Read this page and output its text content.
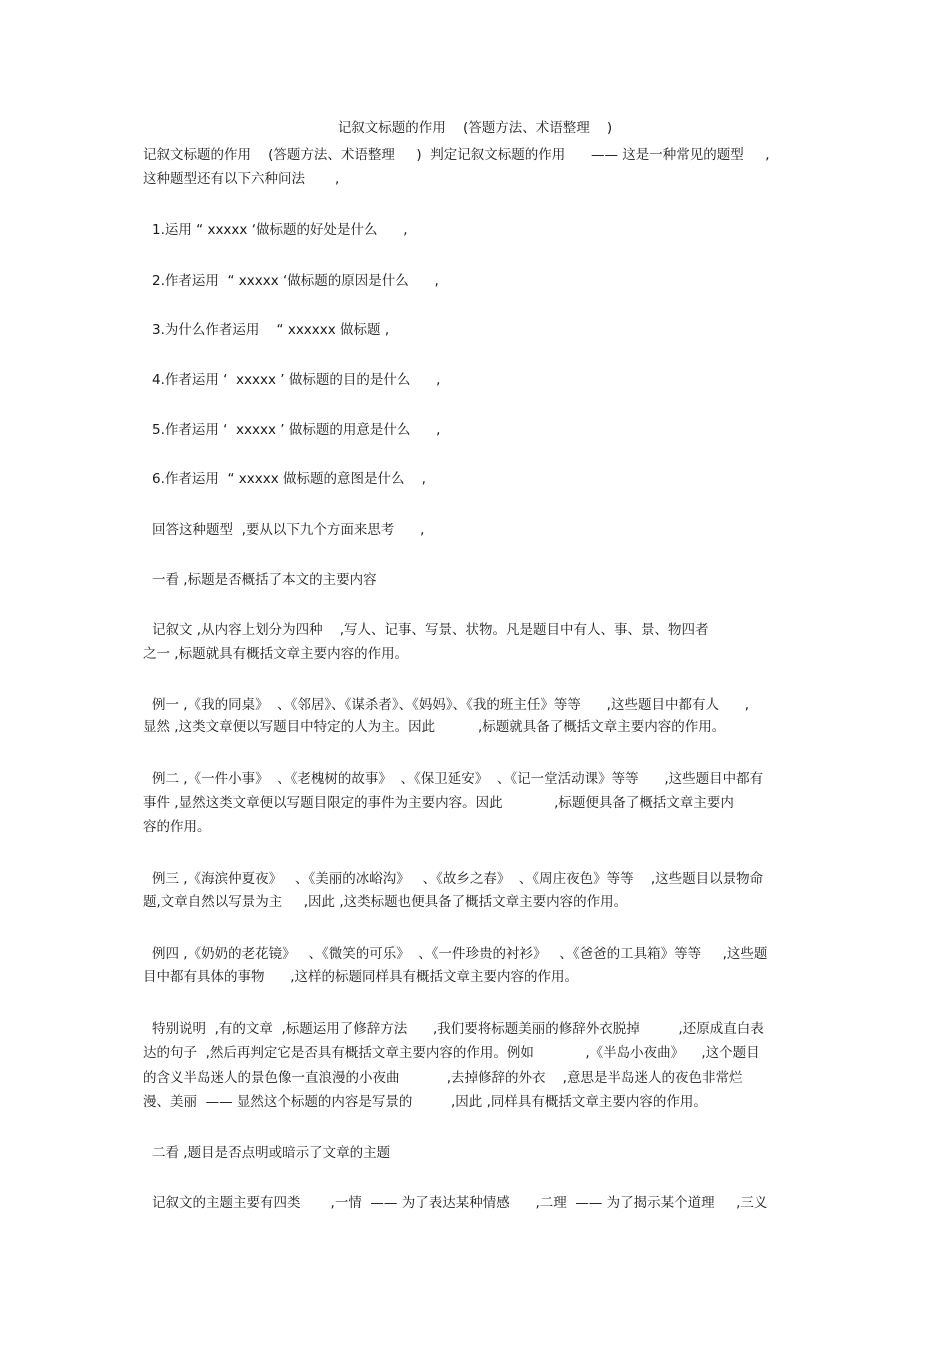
记叙文标题的作用    (答题方法、术语整理    )

记叙文标题的作用    (答题方法、术语整理     )  判定记叙文标题的作用      —— 这是一种常见的题型     ,

这种题型还有以下六种问法       ,

1.运用 “ xxxxx ‘做标题的好处是什么      ,

2.作者运用  “ xxxxx ‘做标题的原因是什么      ,

3.为什么作者运用    “ xxxxxx 做标题 ,

4.作者运用 ‘  xxxxx ’ 做标题的目的是什么      ,

5.作者运用 ‘  xxxxx ’ 做标题的用意是什么      ,

6.作者运用  “ xxxxx 做标题的意图是什么    ,

回答这种题型  ,要从以下九个方面来思考      ,

一看 ,标题是否概括了本文的主要内容

记叙文 ,从内容上划分为四种    ,写人、记事、写景、状物。凡是题目中有人、事、景、物四者

之一 ,标题就具有概括文章主要内容的作用。

例一 ,《我的同桌》  、《邻居》、《谋杀者》、《妈妈》、《我的班主任》等等      ,这些题目中都有人      ,

显然 ,这类文章便以写题目中特定的人为主。因此          ,标题就具备了概括文章主要内容的作用。

例二 ,《一件小事》  、《老槐树的故事》  、《保卫延安》  、《记一堂活动课》等等      ,这些题目中都有

事件 ,显然这类文章便以写题目限定的事件为主要内容。因此            ,标题便具备了概括文章主要内

容的作用。

例三 ,《海滨仲夏夜》   、《美丽的冰峪沟》   、《故乡之春》  、《周庄夜色》等等    ,这些题目以景物命

题,文章自然以写景为主     ,因此 ,这类标题也便具备了概括文章主要内容的作用。

例四 ,《奶奶的老花镜》   、《微笑的可乐》  、《一件珍贵的衬衫》   、《爸爸的工具箱》等等     ,这些题

目中都有具体的事物      ,这样的标题同样具有概括文章主要内容的作用。

特别说明  ,有的文章  ,标题运用了修辞方法      ,我们要将标题美丽的修辞外衣脱掉         ,还原成直白表

达的句子  ,然后再判定它是否具有概括文章主要内容的作用。例如            ,《半岛小夜曲》    ,这个题目

的含义半岛迷人的景色像一直浪漫的小夜曲           ,去掉修辞的外衣    ,意思是半岛迷人的夜色非常烂

漫、美丽  —— 显然这个标题的内容是写景的         ,因此 ,同样具有概括文章主要内容的作用。

二看 ,题目是否点明或暗示了文章的主题

记叙文的主题主要有四类       ,一情  —— 为了表达某种情感      ,二理  —— 为了揭示某个道理     ,三义
